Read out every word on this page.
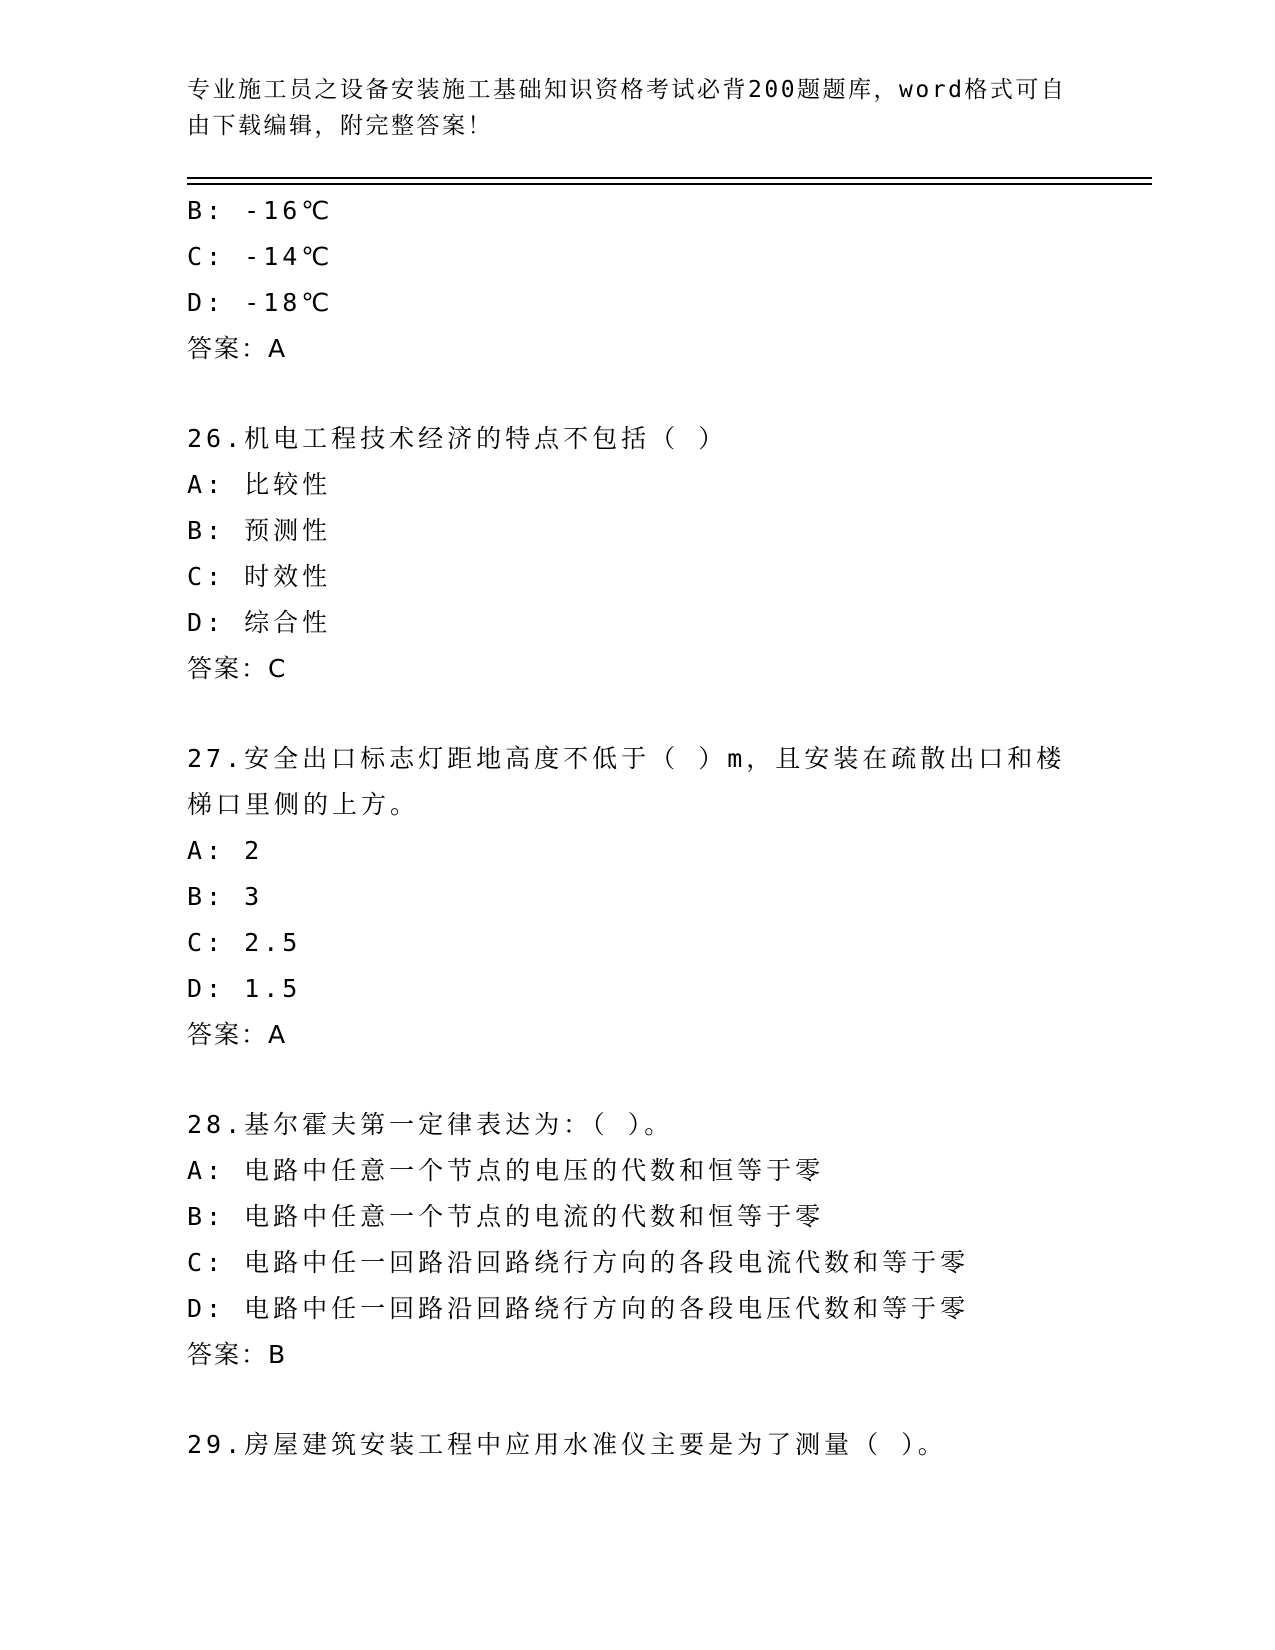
专业施工员之设备安装施工基础知识资格考试必背200题题库，word格式可自由下载编辑，附完整答案！
B: -16℃
C: -14℃
D: -18℃
答案：A
26.机电工程技术经济的特点不包括（ ）
A: 比较性
B: 预测性
C: 时效性
D: 综合性
答案：C
27.安全出口标志灯距地高度不低于（ ）m，且安装在疏散出口和楼梯口里侧的上方。
A: 2
B: 3
C: 2.5
D: 1.5
答案：A
28.基尔霍夫第一定律表达为：（ ）。
A: 电路中任意一个节点的电压的代数和恒等于零
B: 电路中任意一个节点的电流的代数和恒等于零
C: 电路中任一回路沿回路绕行方向的各段电流代数和等于零
D: 电路中任一回路沿回路绕行方向的各段电压代数和等于零
答案：B
29.房屋建筑安装工程中应用水准仪主要是为了测量（ ）。
